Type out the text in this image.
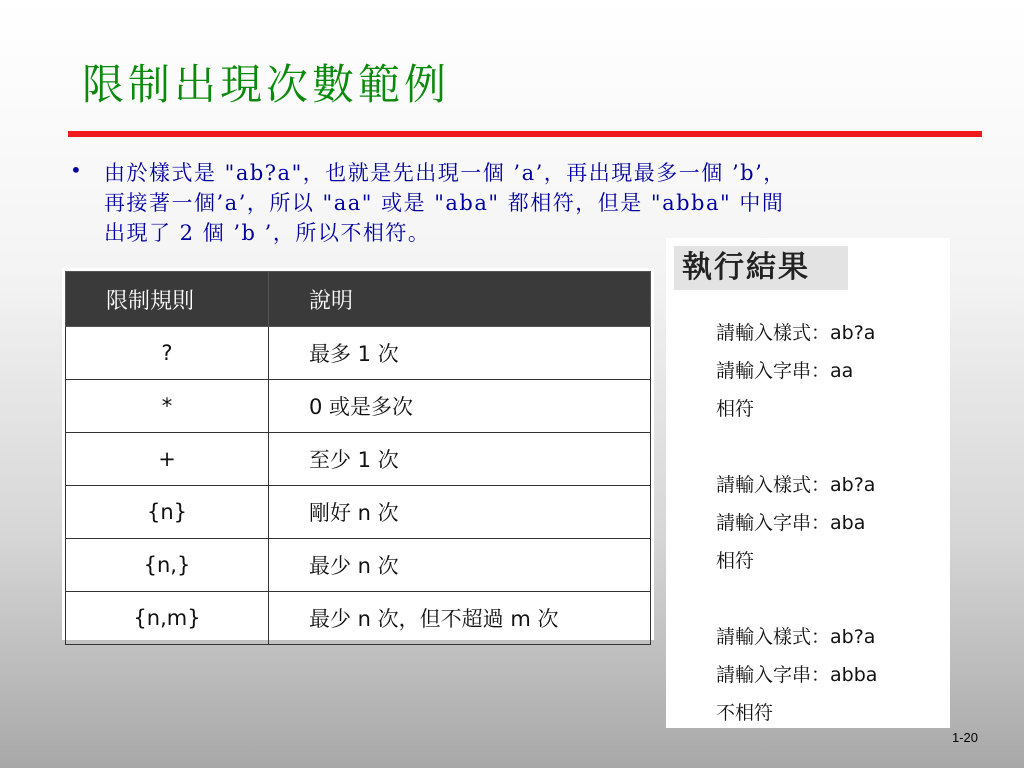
限制出現次數範例
• 由於樣式是 "ab?a"，也就是先出現一個 ’a’，再出現最多一個 ’b’，
再接著一個’a’，所以 "aa" 或是 "aba" 都相符，但是 "abba" 中間
出現了 2 個 ’b ’，所以不相符。
限制規則	說明
?	最多 1 次
*	0 或是多次
+	至少 1 次
{n}	剛好 n 次
{n,}	最少 n 次
{n,m}	最少 n 次，但不超過 m 次
執行結果
請輸入樣式：ab?a
請輸入字串：aa
相符
請輸入樣式：ab?a
請輸入字串：aba
相符
請輸入樣式：ab?a
請輸入字串：abba
不相符
1-20
